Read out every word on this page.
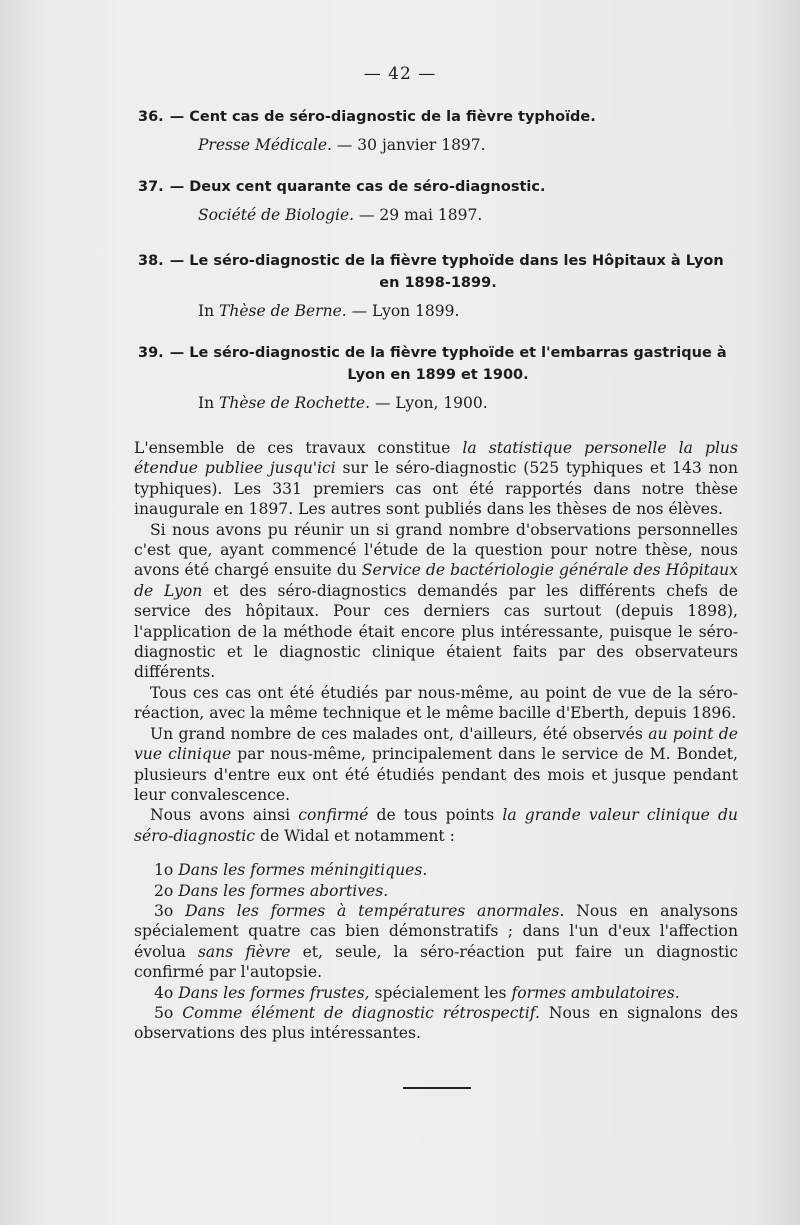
— 42 —
36. — Cent cas de séro-diagnostic de la fièvre typhoïde.
Presse Médicale. — 30 janvier 1897.
37. — Deux cent quarante cas de séro-diagnostic.
Société de Biologie. — 29 mai 1897.
38. — Le séro-diagnostic de la fièvre typhoïde dans les Hôpitaux à Lyon
en 1898-1899.
In Thèse de Berne. — Lyon 1899.
39. — Le séro-diagnostic de la fièvre typhoïde et l'embarras gastrique à
Lyon en 1899 et 1900.
In Thèse de Rochette. — Lyon, 1900.

L'ensemble de ces travaux constitue la statistique personelle la plus étendue publiee jusqu'ici sur le séro-diagnostic (525 typhiques et 143 non typhiques). Les 331 premiers cas ont été rapportés dans notre thèse inaugurale en 1897. Les autres sont publiés dans les thèses de nos élèves.

Si nous avons pu réunir un si grand nombre d'observations personnelles c'est que, ayant commencé l'étude de la question pour notre thèse, nous avons été chargé ensuite du Service de bactériologie générale des Hôpitaux de Lyon et des séro-diagnostics demandés par les différents chefs de service des hôpitaux. Pour ces derniers cas surtout (depuis 1898), l'application de la méthode était encore plus intéressante, puisque le séro-diagnostic et le diagnostic clinique étaient faits par des observateurs différents.

Tous ces cas ont été étudiés par nous-même, au point de vue de la séro-réaction, avec la même technique et le même bacille d'Eberth, depuis 1896.

Un grand nombre de ces malades ont, d'ailleurs, été observés au point de vue clinique par nous-même, principalement dans le service de M. Bondet, plusieurs d'entre eux ont été étudiés pendant des mois et jusque pendant leur convalescence.

Nous avons ainsi confirmé de tous points la grande valeur clinique du séro-diagnostic de Widal et notamment :

1o Dans les formes méningitiques.
2o Dans les formes abortives.
3o Dans les formes à températures anormales. Nous en analysons spécialement quatre cas bien démonstratifs ; dans l'un d'eux l'affection évolua sans fièvre et, seule, la séro-réaction put faire un diagnostic confirmé par l'autopsie.
4o Dans les formes frustes, spécialement les formes ambulatoires.
5o Comme élément de diagnostic rétrospectif. Nous en signalons des observations des plus intéressantes.
